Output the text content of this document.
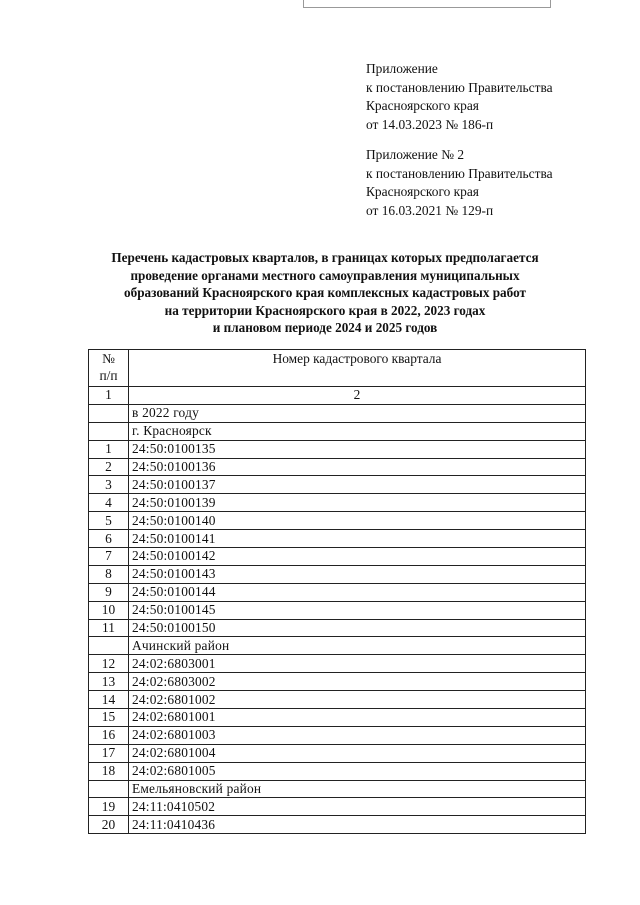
Приложение
к постановлению Правительства
Красноярского края
от 14.03.2023 № 186-п
Приложение № 2
к постановлению Правительства
Красноярского края
от 16.03.2021 № 129-п
Перечень кадастровых кварталов, в границах которых предполагается
проведение органами местного самоуправления муниципальных
образований Красноярского края комплексных кадастровых работ
на территории Красноярского края в 2022, 2023 годах
и плановом периоде 2024 и 2025 годов
№
п/п	Номер кадастрового квартала
1	2
	в 2022 году
	г. Красноярск
1	24:50:0100135
2	24:50:0100136
3	24:50:0100137
4	24:50:0100139
5	24:50:0100140
6	24:50:0100141
7	24:50:0100142
8	24:50:0100143
9	24:50:0100144
10	24:50:0100145
11	24:50:0100150
	Ачинский район
12	24:02:6803001
13	24:02:6803002
14	24:02:6801002
15	24:02:6801001
16	24:02:6801003
17	24:02:6801004
18	24:02:6801005
	Емельяновский район
19	24:11:0410502
20	24:11:0410436
